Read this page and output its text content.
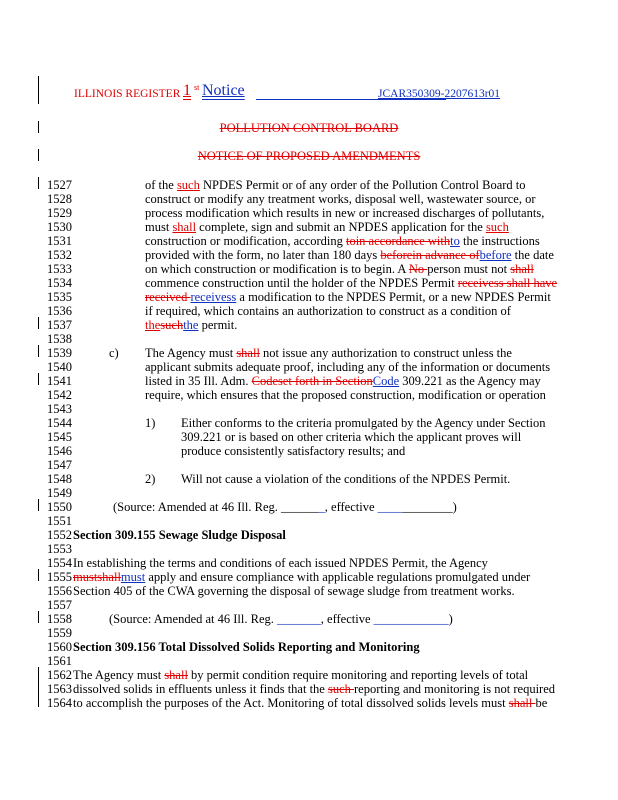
ILLINOIS REGISTER 1 st Notice	JCAR350309-2207613r01
POLLUTION CONTROL BOARD
NOTICE OF PROPOSED AMENDMENTS
1527
1528
1529
1530
1531
1532
1533
1534
1535
1536
1537
1538
1539
1540
1541
1542
1543
1544
1545
1546
1547
1548
1549
1550
1551
1552
1553
1554
1555
1556
1557
1558
1559
1560
1561
1562
1563
1564
of the such NPDES Permit or of any order of the Pollution Control Board to
construct or modify any treatment works, disposal well, wastewater source, or
process modification which results in new or increased discharges of pollutants,
must shall complete, sign and submit an NPDES application for the such
construction or modification, according toin accordance withto the instructions
provided with the form, no later than 180 days beforein advance ofbefore the date
on which construction or modification is to begin. A No person must not shall
commence construction until the holder of the NPDES Permit receivess shall have
received receivess a modification to the NPDES Permit, or a new NPDES Permit
if required, which contains an authorization to construct as a condition of
thesuchthe permit.
c) The Agency must shall not issue any authorization to construct unless the
applicant submits adequate proof, including any of the information or documents
listed in 35 Ill. Adm. Codeset forth in SectionCode 309.221 as the Agency may
require, which ensures that the proposed construction, modification or operation
1) Either conforms to the criteria promulgated by the Agency under Section
309.221 or is based on other criteria which the applicant proves will
produce consistently satisfactory results; and
2) Will not cause a violation of the conditions of the NPDES Permit.
(Source: Amended at 46 Ill. Reg. _______, effective ____________)
Section 309.155 Sewage Sludge Disposal
In establishing the terms and conditions of each issued NPDES Permit, the Agency
mustshallmust apply and ensure compliance with applicable regulations promulgated under
Section 405 of the CWA governing the disposal of sewage sludge from treatment works.
(Source: Amended at 46 Ill. Reg. _______, effective ____________)
Section 309.156 Total Dissolved Solids Reporting and Monitoring
The Agency must shall by permit condition require monitoring and reporting levels of total
dissolved solids in effluents unless it finds that the such reporting and monitoring is not required
to accomplish the purposes of the Act. Monitoring of total dissolved solids levels must shall be
